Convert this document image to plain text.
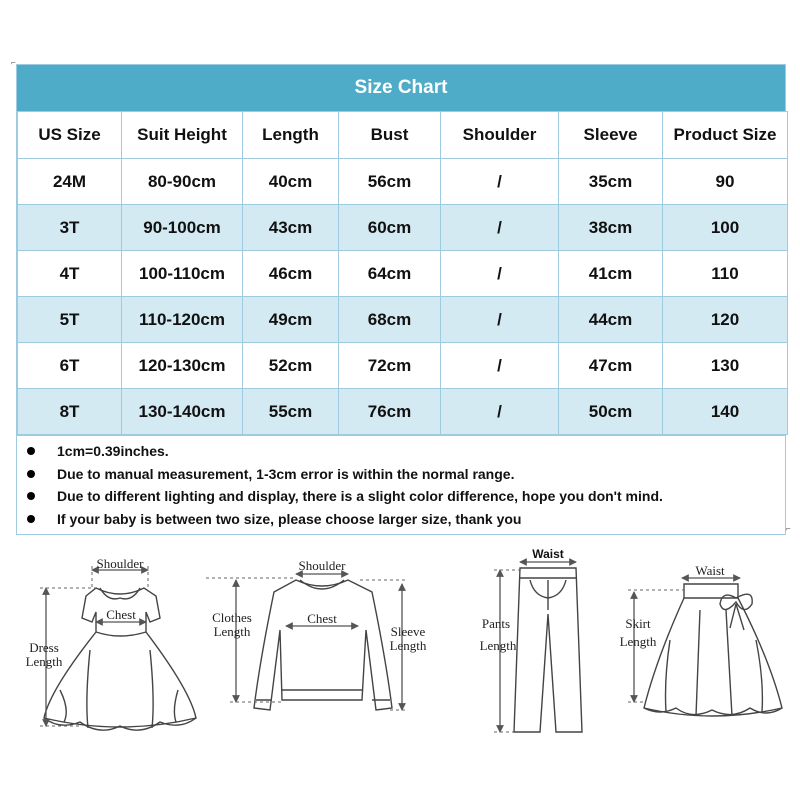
⌐
⌐
Size Chart
US Size	Suit Height	Length	Bust	Shoulder	Sleeve	Product Size
24M	80-90cm	40cm	56cm	/	35cm	90
3T	90-100cm	43cm	60cm	/	38cm	100
4T	100-110cm	46cm	64cm	/	41cm	110
5T	110-120cm	49cm	68cm	/	44cm	120
6T	120-130cm	52cm	72cm	/	47cm	130
8T	130-140cm	55cm	76cm	/	50cm	140
1cm=0.39inches.
Due to manual measurement, 1-3cm error is within the normal range.
Due to different lighting and display, there is a slight color difference, hope you don't mind.
If your baby is between two size, please choose larger size, thank you
Shoulder
Chest
Dress
Length
Shoulder
Chest
Clothes
Length	Sleeve
Length
Waist
Pants
Length
Waist
Skirt
Length
